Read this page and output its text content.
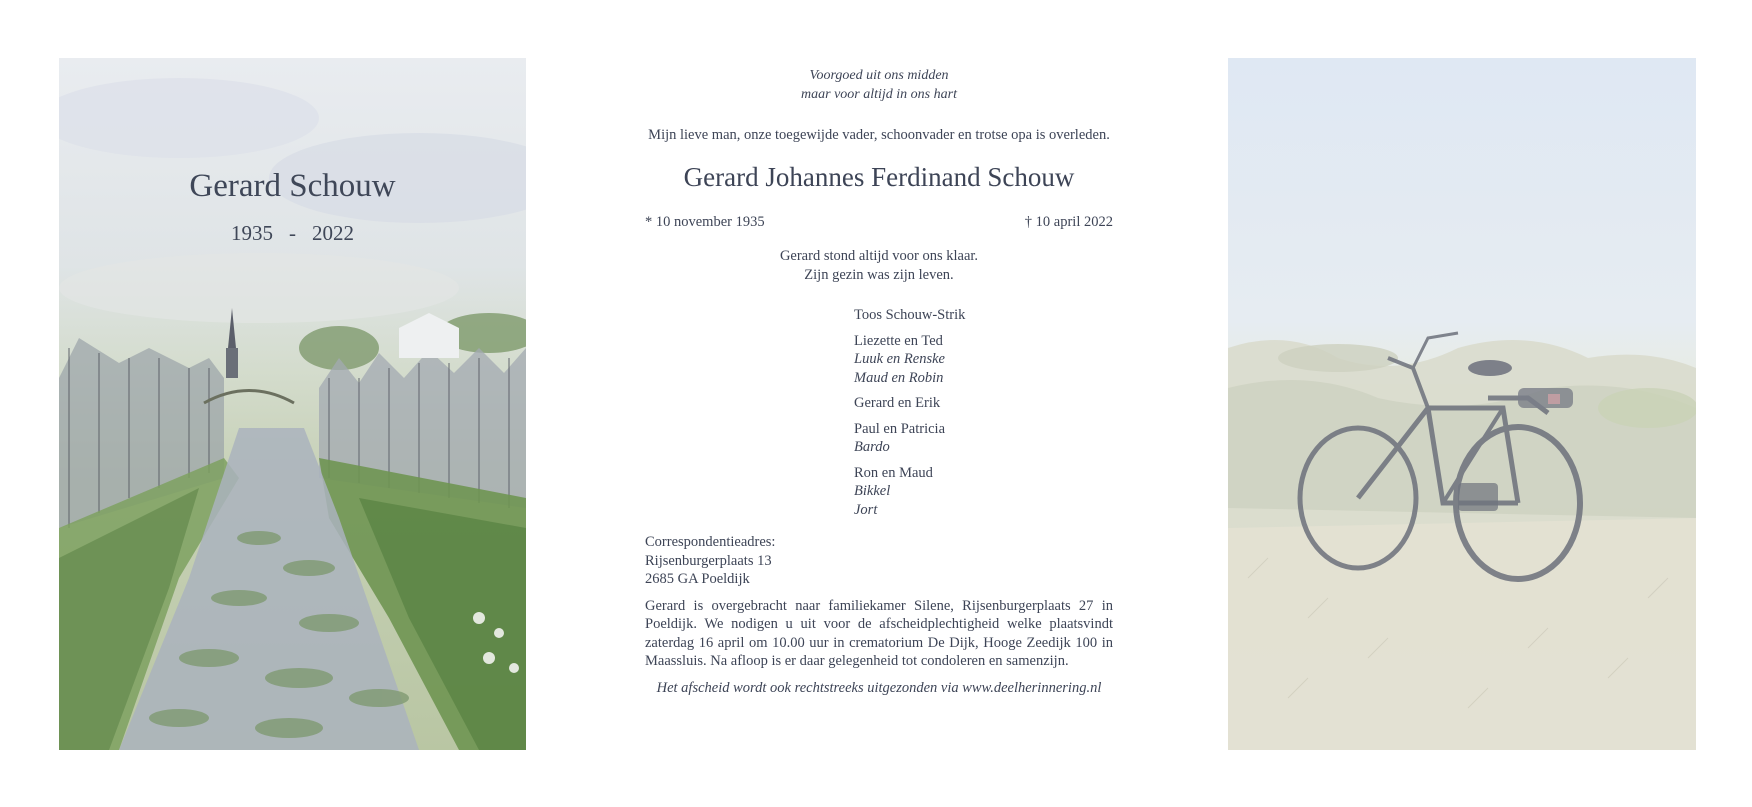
Gerard Schouw
1935 - 2022
Voorgoed uit ons midden
maar voor altijd in ons hart
Mijn lieve man, onze toegewijde vader, schoonvader en trotse opa is overleden.
Gerard Johannes Ferdinand Schouw
* 10 november 1935	† 10 april 2022
Gerard stond altijd voor ons klaar.
Zijn gezin was zijn leven.
Toos Schouw-Strik
Liezette en Ted
Luuk en Renske
Maud en Robin
Gerard en Erik
Paul en Patricia
Bardo
Ron en Maud
Bikkel
Jort
Correspondentieadres:
Rijsenburgerplaats 13
2685 GA Poeldijk
Gerard is overgebracht naar familiekamer Silene, Rijsenburgerplaats 27 in Poeldijk. We nodigen u uit voor de afscheidplechtigheid welke plaatsvindt zaterdag 16 april om 10.00 uur in crematorium De Dijk, Hooge Zeedijk 100 in Maassluis. Na afloop is er daar gelegenheid tot condoleren en samenzijn.
Het afscheid wordt ook rechtstreeks uitgezonden via www.deelherinnering.nl
